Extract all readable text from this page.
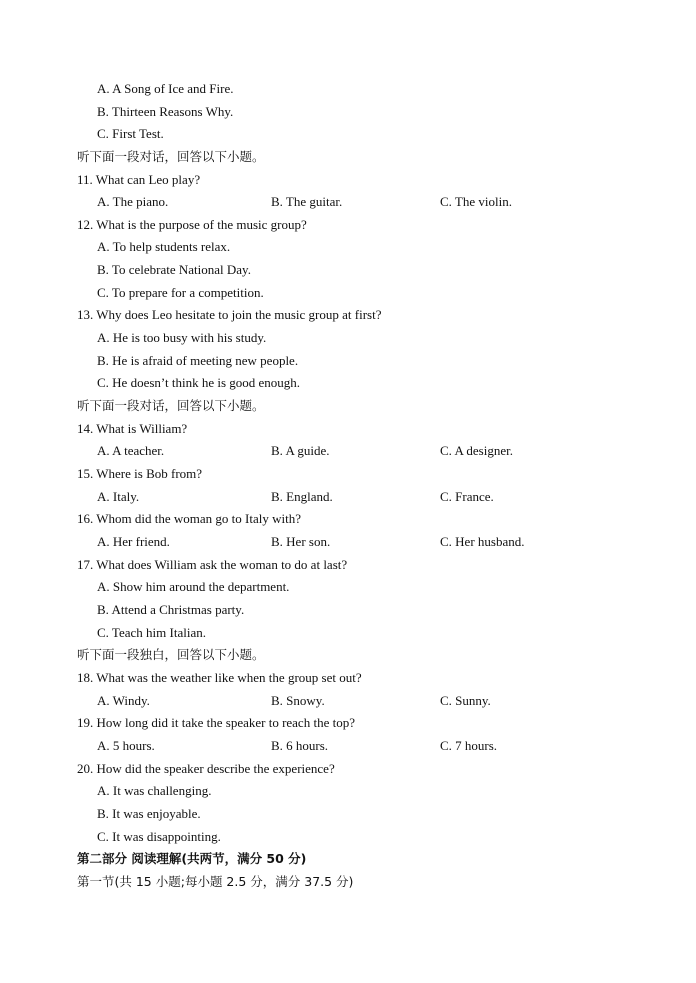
A. A Song of Ice and Fire.
B. Thirteen Reasons Why.
C. First Test.
听下面一段对话，回答以下小题。
11. What can Leo play?
A. The piano.	B. The guitar.	C. The violin.
12. What is the purpose of the music group?
A. To help students relax.
B. To celebrate National Day.
C. To prepare for a competition.
13. Why does Leo hesitate to join the music group at first?
A. He is too busy with his study.
B. He is afraid of meeting new people.
C. He doesn’t think he is good enough.
听下面一段对话，回答以下小题。
14. What is William?
A. A teacher.	B. A guide.	C. A designer.
15. Where is Bob from?
A. Italy.	B. England.	C. France.
16. Whom did the woman go to Italy with?
A. Her friend.	B. Her son.	C. Her husband.
17. What does William ask the woman to do at last?
A. Show him around the department.
B. Attend a Christmas party.
C. Teach him Italian.
听下面一段独白，回答以下小题。
18. What was the weather like when the group set out?
A. Windy.	B. Snowy.	C. Sunny.
19. How long did it take the speaker to reach the top?
A. 5 hours.	B. 6 hours.	C. 7 hours.
20. How did the speaker describe the experience?
A. It was challenging.
B. It was enjoyable.
C. It was disappointing.
第二部分 阅读理解(共两节，满分 50 分)
第一节(共 15 小题;每小题 2.5 分，满分 37.5 分)
